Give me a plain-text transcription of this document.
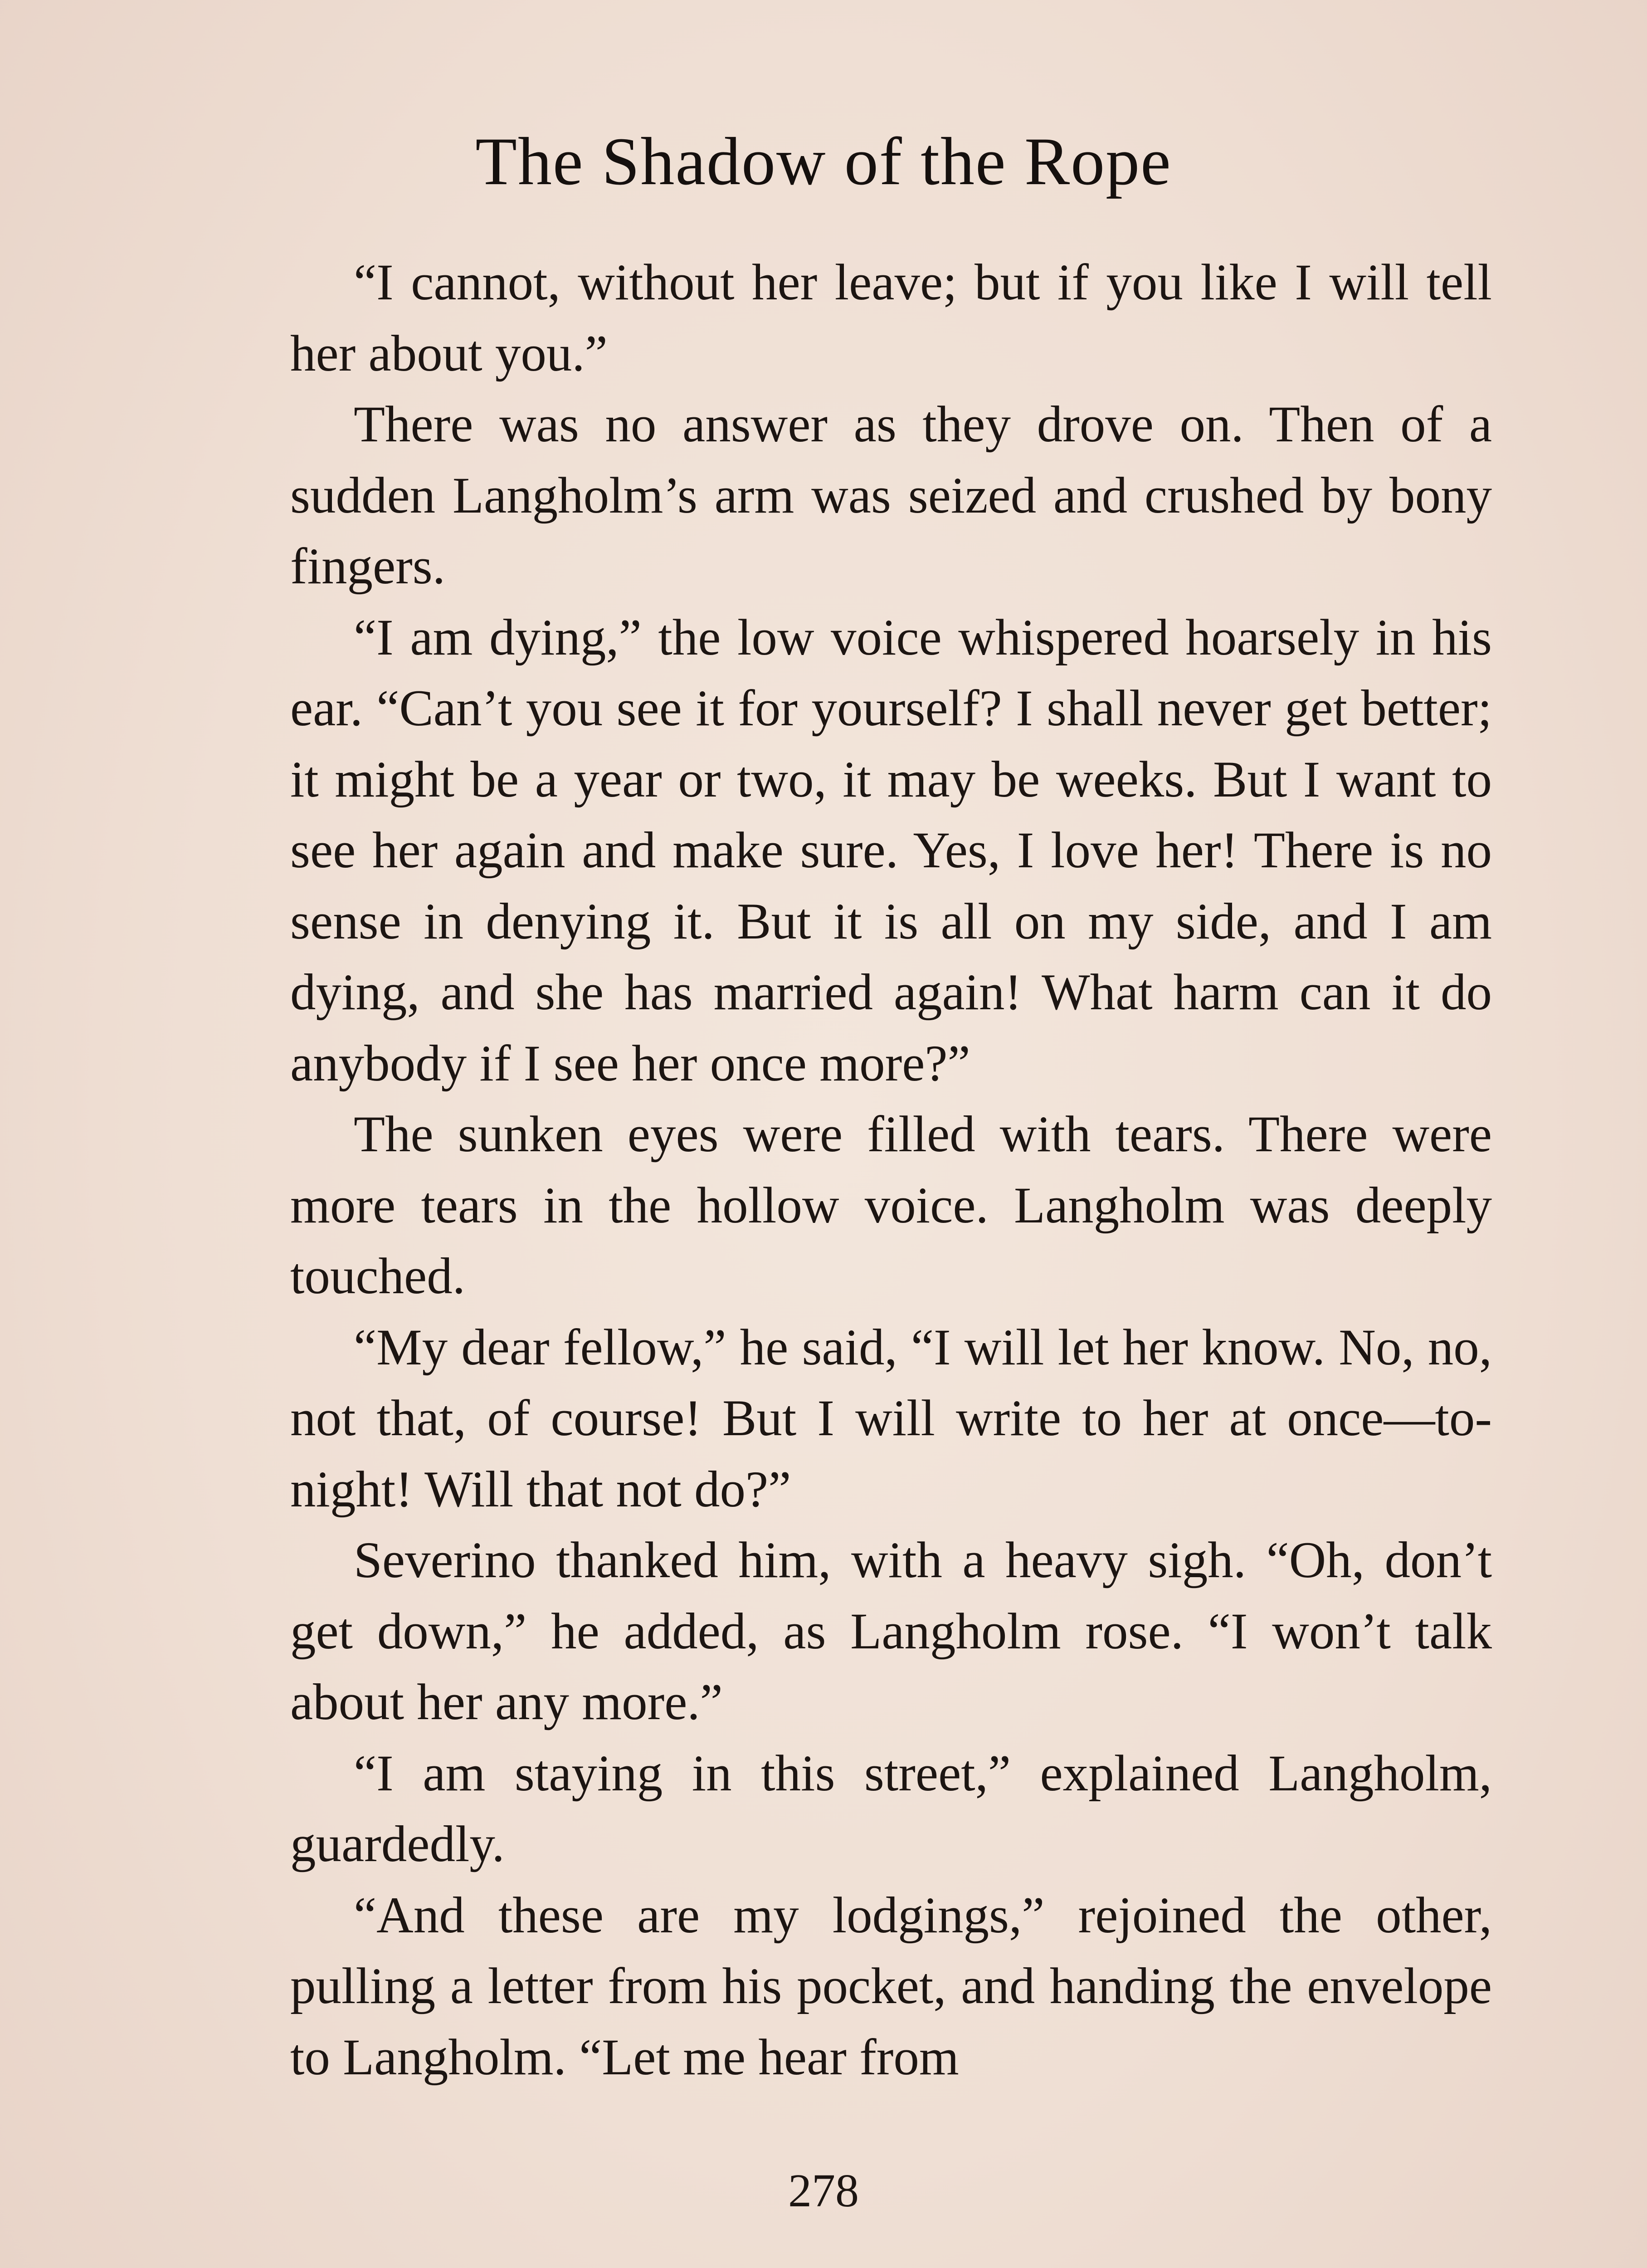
The Shadow of the Rope

“I cannot, without her leave; but if you like I will tell her about you.”

There was no answer as they drove on. Then of a sudden Langholm’s arm was seized and crushed by bony fingers.

“I am dying,” the low voice whispered hoarsely in his ear. “Can’t you see it for yourself? I shall never get better; it might be a year or two, it may be weeks. But I want to see her again and make sure. Yes, I love her! There is no sense in denying it. But it is all on my side, and I am dying, and she has married again! What harm can it do anybody if I see her once more?”

The sunken eyes were filled with tears. There were more tears in the hollow voice. Langholm was deeply touched.

“My dear fellow,” he said, “I will let her know. No, no, not that, of course! But I will write to her at once—to-night! Will that not do?”

Severino thanked him, with a heavy sigh. “Oh, don’t get down,” he added, as Langholm rose. “I won’t talk about her any more.”

“I am staying in this street,” explained Langholm, guardedly.

“And these are my lodgings,” rejoined the other, pulling a letter from his pocket, and handing the envelope to Langholm. “Let me hear from

278
